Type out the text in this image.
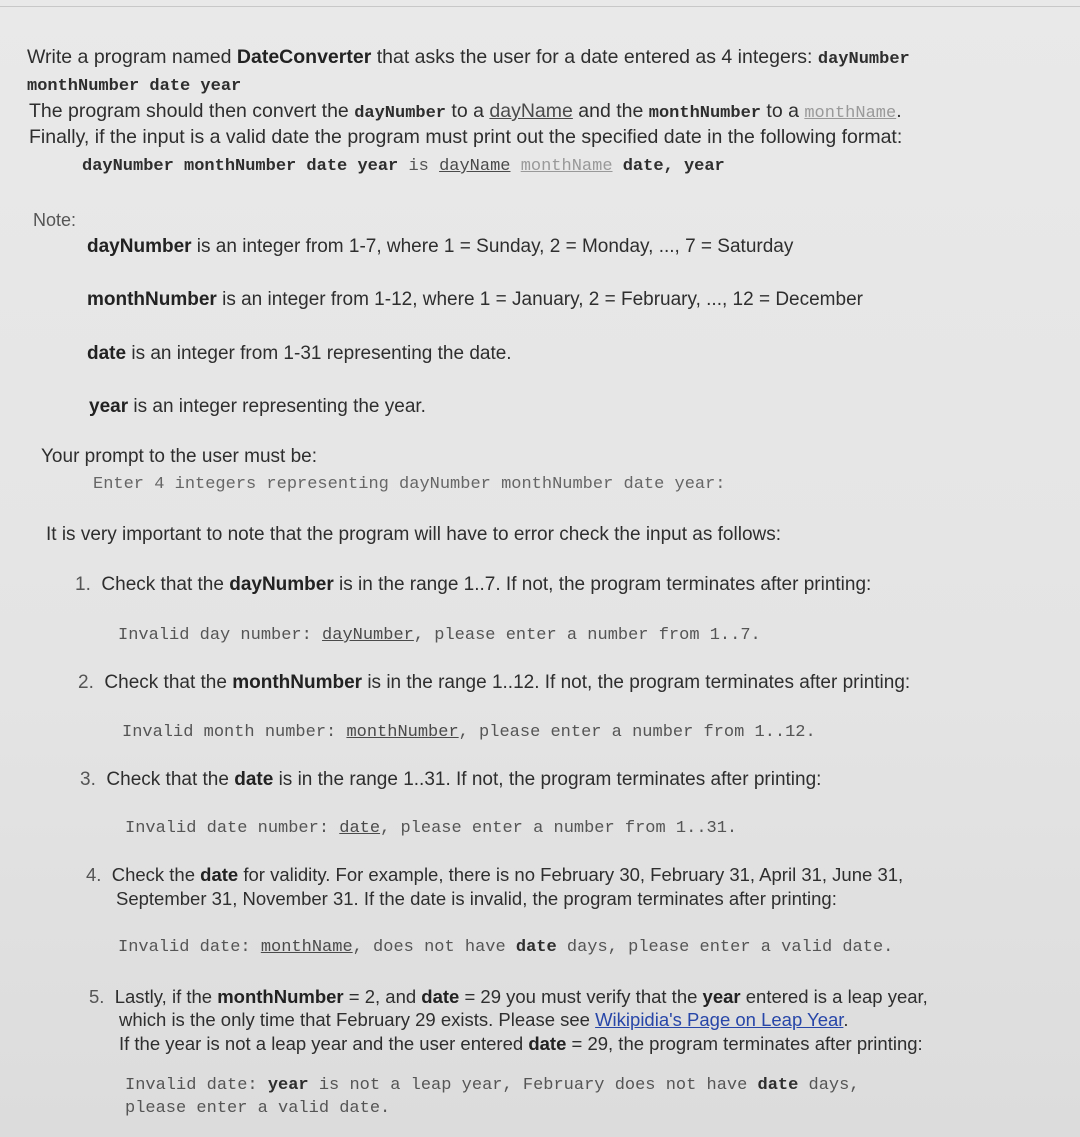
Write a program named DateConverter that asks the user for a date entered as 4 integers: dayNumber
monthNumber date year
The program should then convert the dayNumber to a dayName and the monthNumber to a monthName.
Finally, if the input is a valid date the program must print out the specified date in the following format:
dayNumber monthNumber date year is dayName monthName date, year
Note:
dayNumber is an integer from 1-7, where 1 = Sunday, 2 = Monday, ..., 7 = Saturday
monthNumber is an integer from 1-12, where 1 = January, 2 = February, ..., 12 = December
date is an integer from 1-31 representing the date.
year is an integer representing the year.
Your prompt to the user must be:
Enter 4 integers representing dayNumber monthNumber date year:
It is very important to note that the program will have to error check the input as follows:
1. Check that the dayNumber is in the range 1..7. If not, the program terminates after printing:
Invalid day number: dayNumber, please enter a number from 1..7.
2. Check that the monthNumber is in the range 1..12. If not, the program terminates after printing:
Invalid month number: monthNumber, please enter a number from 1..12.
3. Check that the date is in the range 1..31. If not, the program terminates after printing:
Invalid date number: date, please enter a number from 1..31.
4. Check the date for validity. For example, there is no February 30, February 31, April 31, June 31,
September 31, November 31. If the date is invalid, the program terminates after printing:
Invalid date: monthName, does not have date days, please enter a valid date.
5. Lastly, if the monthNumber = 2, and date = 29 you must verify that the year entered is a leap year,
which is the only time that February 29 exists. Please see Wikipidia's Page on Leap Year.
If the year is not a leap year and the user entered date = 29, the program terminates after printing:
Invalid date: year is not a leap year, February does not have date days,
please enter a valid date.
